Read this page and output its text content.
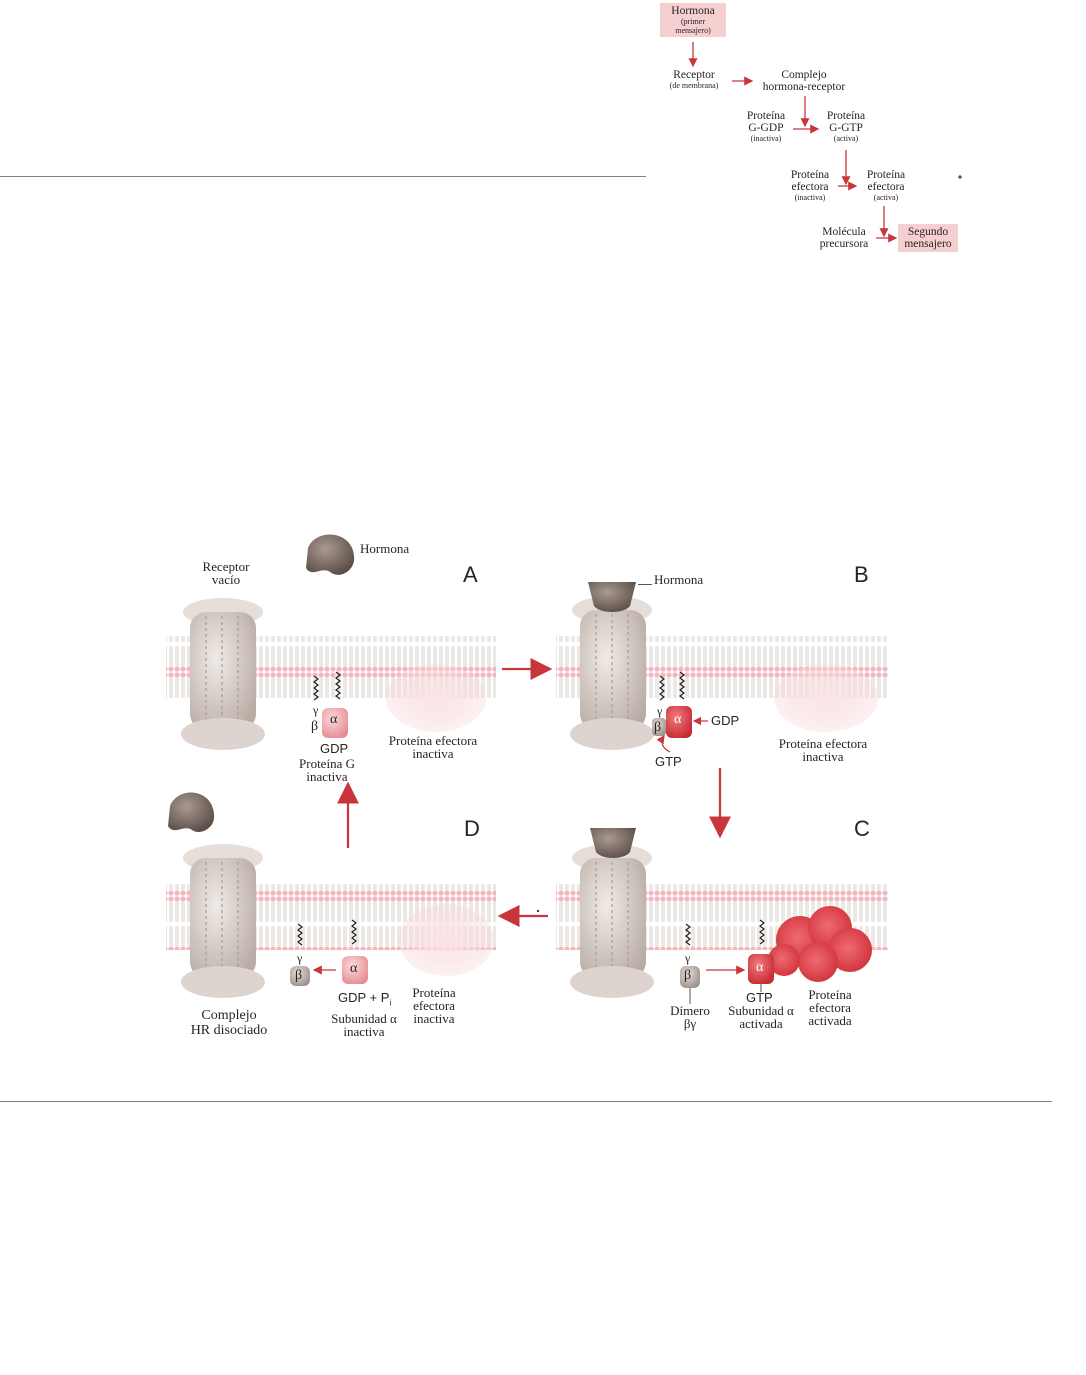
Hormona
(primer
mensajero)
Receptor
(de membrana)
Complejo
hormona-receptor
Proteína
G-GDP
(inactiva)
Proteína
G-GTP
(activa)
Proteína
efectora
(inactiva)
Proteína
efectora
(activa)
Molécula
precursora
Segundo
mensajero
A
Hormona
Receptor
vacío
γ
β α
GDP
Proteína G
inactiva
Proteína efectora
inactiva
B
Hormona
γ
β
α GDP
GTP
Proteína efectora
inactiva
C
γ
β
α
GTP
Dímero
βγ
Subunidad α
activada
Proteína
efectora
activada
D
γ
β	α
GDP + $P_i$
Subunidad α
inactiva
Proteína
efectora
inactiva
Complejo
HR disociado
